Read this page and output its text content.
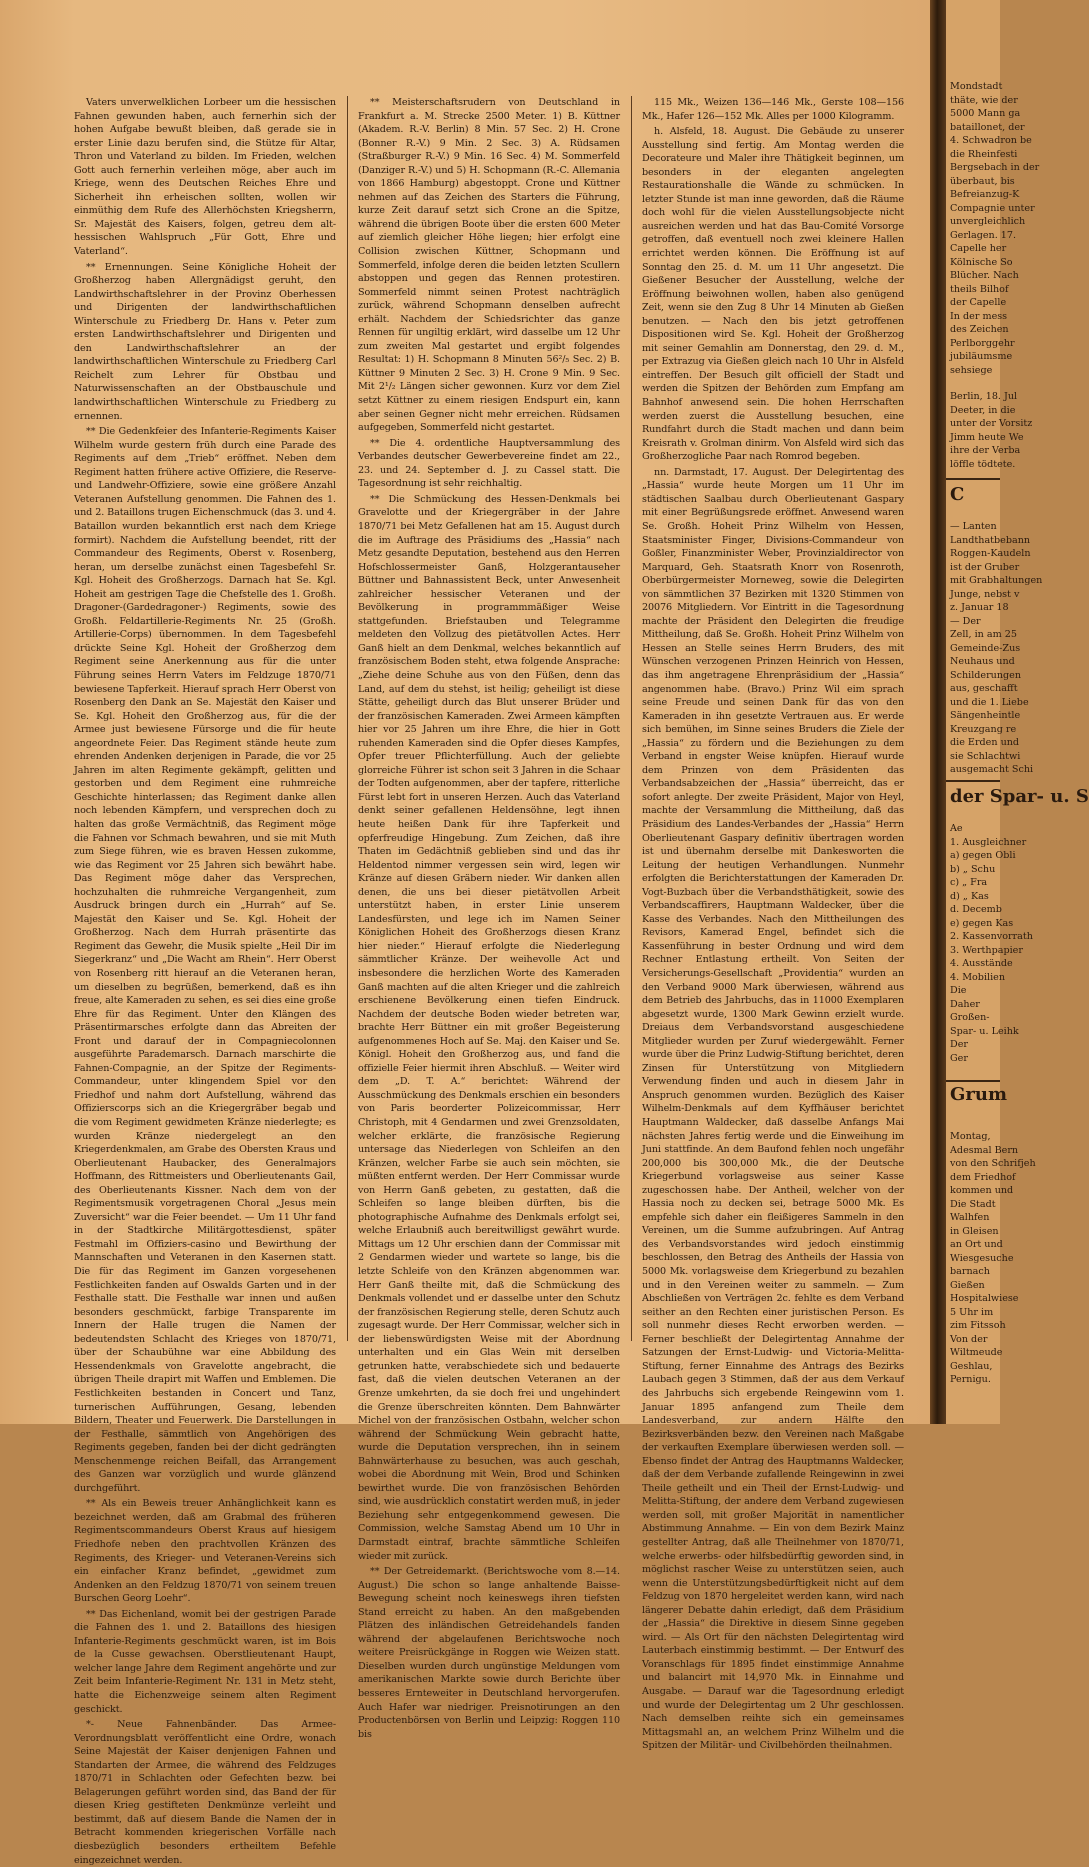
Vaters unverwelklichen Lorbeer um die hessischen Fahnen gewunden haben, auch fernerhin sich der hohen Aufgabe bewußt bleiben, daß gerade sie in erster Linie dazu berufen sind, die Stütze für Altar, Thron und Vaterland zu bilden. Im Frieden, welchen Gott auch fernerhin verleihen möge, aber auch im Kriege, wenn des Deutschen Reiches Ehre und Sicherheit ihn erheischen sollten, wollen wir einmüthig dem Rufe des Allerhöchsten Kriegsherrn, Sr. Majestät des Kaisers, folgen, getreu dem alt-hessischen Wahlspruch „Für Gott, Ehre und Vaterland“.

** Ernennungen. Seine Königliche Hoheit der Großherzog haben Allergnädigst geruht, den Landwirthschaftslehrer in der Provinz Oberhessen und Dirigenten der landwirthschaftlichen Winterschule zu Friedberg Dr. Hans v. Peter zum ersten Landwirthschaftslehrer und Dirigenten und den Landwirthschaftslehrer an der landwirthschaftlichen Winterschule zu Friedberg Carl Reichelt zum Lehrer für Obstbau und Naturwissenschaften an der Obstbauschule und landwirthschaftlichen Winterschule zu Friedberg zu ernennen.

** Die Gedenkfeier des Infanterie-Regiments Kaiser Wilhelm wurde gestern früh durch eine Parade des Regiments auf dem „Trieb“ eröffnet. Neben dem Regiment hatten frühere active Offiziere, die Reserve- und Landwehr-Offiziere, sowie eine größere Anzahl Veteranen Aufstellung genommen. Die Fahnen des 1. und 2. Bataillons trugen Eichenschmuck (das 3. und 4. Bataillon wurden bekanntlich erst nach dem Kriege formirt). Nachdem die Aufstellung beendet, ritt der Commandeur des Regiments, Oberst v. Rosenberg, heran, um derselbe zunächst einen Tagesbefehl Sr. Kgl. Hoheit des Großherzogs. Darnach hat Se. Kgl. Hoheit am gestrigen Tage die Chefstelle des 1. Großh. Dragoner-(Gardedragoner-) Regiments, sowie des Großh. Feldartillerie-Regiments Nr. 25 (Großh. Artillerie-Corps) übernommen. In dem Tagesbefehl drückte Seine Kgl. Hoheit der Großherzog dem Regiment seine Anerkennung aus für die unter Führung seines Herrn Vaters im Feldzuge 1870/71 bewiesene Tapferkeit. Hierauf sprach Herr Oberst von Rosenberg den Dank an Se. Majestät den Kaiser und Se. Kgl. Hoheit den Großherzog aus, für die der Armee just bewiesene Fürsorge und die für heute angeordnete Feier. Das Regiment stände heute zum ehrenden Andenken derjenigen in Parade, die vor 25 Jahren im alten Regimente gekämpft, gelitten und gestorben und dem Regiment eine ruhmreiche Geschichte hinterlassen; das Regiment danke allen noch lebenden Kämpfern, und versprechen doch zu halten das große Vermächtniß, das Regiment möge die Fahnen vor Schmach bewahren, und sie mit Muth zum Siege führen, wie es braven Hessen zukomme, wie das Regiment vor 25 Jahren sich bewährt habe. Das Regiment möge daher das Versprechen, hochzuhalten die ruhmreiche Vergangenheit, zum Ausdruck bringen durch ein „Hurrah“ auf Se. Majestät den Kaiser und Se. Kgl. Hoheit der Großherzog. Nach dem Hurrah präsentirte das Regiment das Gewehr, die Musik spielte „Heil Dir im Siegerkranz“ und „Die Wacht am Rhein“. Herr Oberst von Rosenberg ritt hierauf an die Veteranen heran, um dieselben zu begrüßen, bemerkend, daß es ihn freue, alte Kameraden zu sehen, es sei dies eine große Ehre für das Regiment. Unter den Klängen des Präsentirmarsches erfolgte dann das Abreiten der Front und darauf der in Compagniecolonnen ausgeführte Parademarsch. Darnach marschirte die Fahnen-Compagnie, an der Spitze der Regiments-Commandeur, unter klingendem Spiel vor den Friedhof und nahm dort Aufstellung, während das Offizierscorps sich an die Kriegergräber begab und die vom Regiment gewidmeten Kränze niederlegte; es wurden Kränze niedergelegt an den Kriegerdenkmalen, am Grabe des Obersten Kraus und Oberlieutenant Haubacker, des Generalmajors Hoffmann, des Rittmeisters und Oberlieutenants Gail, des Oberlieutenants Kissner. Nach dem von der Regimentsmusik vorgetragenen Choral „Jesus mein Zuversicht“ war die Feier beendet. — Um 11 Uhr fand in der Stadtkirche Militärgottesdienst, später Festmahl im Offiziers-casino und Bewirthung der Mannschaften und Veteranen in den Kasernen statt. Die für das Regiment im Ganzen vorgesehenen Festlichkeiten fanden auf Oswalds Garten und in der Festhalle statt. Die Festhalle war innen und außen besonders geschmückt, farbige Transparente im Innern der Halle trugen die Namen der bedeutendsten Schlacht des Krieges von 1870/71, über der Schaubühne war eine Abbildung des Hessendenkmals von Gravelotte angebracht, die übrigen Theile drapirt mit Waffen und Emblemen. Die Festlichkeiten bestanden in Concert und Tanz, turnerischen Aufführungen, Gesang, lebenden Bildern, Theater und Feuerwerk. Die Darstellungen in der Festhalle, sämmtlich von Angehörigen des Regiments gegeben, fanden bei der dicht gedrängten Menschenmenge reichen Beifall, das Arrangement des Ganzen war vorzüglich und wurde glänzend durchgeführt.

** Als ein Beweis treuer Anhänglichkeit kann es bezeichnet werden, daß am Grabmal des früheren Regimentscommandeurs Oberst Kraus auf hiesigem Friedhofe neben den prachtvollen Kränzen des Regiments, des Krieger- und Veteranen-Vereins sich ein einfacher Kranz befindet, „gewidmet zum Andenken an den Feldzug 1870/71 von seinem treuen Burschen Georg Loehr“.

** Das Eichenland, womit bei der gestrigen Parade die Fahnen des 1. und 2. Bataillons des hiesigen Infanterie-Regiments geschmückt waren, ist im Bois de la Cusse gewachsen. Oberstlieutenant Haupt, welcher lange Jahre dem Regiment angehörte und zur Zeit beim Infanterie-Regiment Nr. 131 in Metz steht, hatte die Eichenzweige seinem alten Regiment geschickt.

*- Neue Fahnenbänder. Das Armee-Verordnungsblatt veröffentlicht eine Ordre, wonach Seine Majestät der Kaiser denjenigen Fahnen und Standarten der Armee, die während des Feldzuges 1870/71 in Schlachten oder Gefechten bezw. bei Belagerungen geführt worden sind, das Band der für diesen Krieg gestifteten Denkmünze verleiht und bestimmt, daß auf diesem Bande die Namen der in Betracht kommenden kriegerischen Vorfälle nach diesbezüglich besonders ertheiltem Befehle eingezeichnet werden.

** Meisterschaftsrudern von Deutschland in Frankfurt a. M. Strecke 2500 Meter. 1) B. Küttner (Akadem. R.-V. Berlin) 8 Min. 57 Sec. 2) H. Crone (Bonner R.-V.) 9 Min. 2 Sec. 3) A. Rüdsamen (Straßburger R.-V.) 9 Min. 16 Sec. 4) M. Sommerfeld (Danziger R.-V.) und 5) H. Schopmann (R.-C. Allemania von 1866 Hamburg) abgestoppt. Crone und Küttner nehmen auf das Zeichen des Starters die Führung, kurze Zeit darauf setzt sich Crone an die Spitze, während die übrigen Boote über die ersten 600 Meter auf ziemlich gleicher Höhe liegen; hier erfolgt eine Collision zwischen Küttner, Schopmann und Sommerfeld, infolge deren die beiden letzten Scullern abstoppen und gegen das Rennen protestiren. Sommerfeld nimmt seinen Protest nachträglich zurück, während Schopmann denselben aufrecht erhält. Nachdem der Schiedsrichter das ganze Rennen für ungiltig erklärt, wird dasselbe um 12 Uhr zum zweiten Mal gestartet und ergibt folgendes Resultat: 1) H. Schopmann 8 Minuten 56²/₅ Sec. 2) B. Küttner 9 Minuten 2 Sec. 3) H. Crone 9 Min. 9 Sec. Mit 2¹/₂ Längen sicher gewonnen. Kurz vor dem Ziel setzt Küttner zu einem riesigen Endspurt ein, kann aber seinen Gegner nicht mehr erreichen. Rüdsamen aufgegeben, Sommerfeld nicht gestartet.

** Die 4. ordentliche Hauptversammlung des Verbandes deutscher Gewerbevereine findet am 22., 23. und 24. September d. J. zu Cassel statt. Die Tagesordnung ist sehr reichhaltig.

** Die Schmückung des Hessen-Denkmals bei Gravelotte und der Kriegergräber in der Jahre 1870/71 bei Metz Gefallenen hat am 15. August durch die im Auftrage des Präsidiums des „Hassia“ nach Metz gesandte Deputation, bestehend aus den Herren Hofschlossermeister Ganß, Holzgerantauseher Büttner und Bahnassistent Beck, unter Anwesenheit zahlreicher hessischer Veteranen und der Bevölkerung in programmmäßiger Weise stattgefunden. Briefstauben und Telegramme meldeten den Vollzug des pietätvollen Actes. Herr Ganß hielt an dem Denkmal, welches bekanntlich auf französischem Boden steht, etwa folgende Ansprache: „Ziehe deine Schuhe aus von den Füßen, denn das Land, auf dem du stehst, ist heilig; geheiligt ist diese Stätte, geheiligt durch das Blut unserer Brüder und der französischen Kameraden. Zwei Armeen kämpften hier vor 25 Jahren um ihre Ehre, die hier in Gott ruhenden Kameraden sind die Opfer dieses Kampfes, Opfer treuer Pflichterfüllung. Auch der geliebte glorreiche Führer ist schon seit 3 Jahren in die Schaar der Todten aufgenommen, aber der tapfere, ritterliche Fürst lebt fort in unseren Herzen. Auch das Vaterland denkt seiner gefallenen Heldensöhne, legt ihnen heute heißen Dank für ihre Tapferkeit und opferfreudige Hingebung. Zum Zeichen, daß ihre Thaten im Gedächtniß geblieben sind und das ihr Heldentod nimmer vergessen sein wird, legen wir Kränze auf diesen Gräbern nieder. Wir danken allen denen, die uns bei dieser pietätvollen Arbeit unterstützt haben, in erster Linie unserem Landesfürsten, und lege ich im Namen Seiner Königlichen Hoheit des Großherzogs diesen Kranz hier nieder.“ Hierauf erfolgte die Niederlegung sämmtlicher Kränze. Der weihevolle Act und insbesondere die herzlichen Worte des Kameraden Ganß machten auf die alten Krieger und die zahlreich erschienene Bevölkerung einen tiefen Eindruck. Nachdem der deutsche Boden wieder betreten war, brachte Herr Büttner ein mit großer Begeisterung aufgenommenes Hoch auf Se. Maj. den Kaiser und Se. Königl. Hoheit den Großherzog aus, und fand die offizielle Feier hiermit ihren Abschluß. — Weiter wird dem „D. T. A.“ berichtet: Während der Ausschmückung des Denkmals erschien ein besonders von Paris beorderter Polizeicommissar, Herr Christoph, mit 4 Gendarmen und zwei Grenzsoldaten, welcher erklärte, die französische Regierung untersage das Niederlegen von Schleifen an den Kränzen, welcher Farbe sie auch sein möchten, sie müßten entfernt werden. Der Herr Commissar wurde von Herrn Ganß gebeten, zu gestatten, daß die Schleifen so lange bleiben dürften, bis die photographische Aufnahme des Denkmals erfolgt sei, welche Erlaubniß auch bereitwilligst gewährt wurde. Mittags um 12 Uhr erschien dann der Commissar mit 2 Gendarmen wieder und wartete so lange, bis die letzte Schleife von den Kränzen abgenommen war. Herr Ganß theilte mit, daß die Schmückung des Denkmals vollendet und er dasselbe unter den Schutz der französischen Regierung stelle, deren Schutz auch zugesagt wurde. Der Herr Commissar, welcher sich in der liebenswürdigsten Weise mit der Abordnung unterhalten und ein Glas Wein mit derselben getrunken hatte, verabschiedete sich und bedauerte fast, daß die vielen deutschen Veteranen an der Grenze umkehrten, da sie doch frei und ungehindert die Grenze überschreiten könnten. Dem Bahnwärter Michel von der französischen Ostbahn, welcher schon während der Schmückung Wein gebracht hatte, wurde die Deputation versprechen, ihn in seinem Bahnwärterhause zu besuchen, was auch geschah, wobei die Abordnung mit Wein, Brod und Schinken bewirthet wurde. Die von französischen Behörden sind, wie ausdrücklich constatirt werden muß, in jeder Beziehung sehr entgegenkommend gewesen. Die Commission, welche Samstag Abend um 10 Uhr in Darmstadt eintraf, brachte sämmtliche Schleifen wieder mit zurück.

** Der Getreidemarkt. (Berichtswoche vom 8.—14. August.) Die schon so lange anhaltende Baisse-Bewegung scheint noch keineswegs ihren tiefsten Stand erreicht zu haben. An den maßgebenden Plätzen des inländischen Getreidehandels fanden während der abgelaufenen Berichtswoche noch weitere Preisrückgänge in Roggen wie Weizen statt. Dieselben wurden durch ungünstige Meldungen vom amerikanischen Markte sowie durch Berichte über besseres Ernteweiter in Deutschland hervorgerufen. Auch Hafer war niedriger. Preisnotirungen an den Productenbörsen von Berlin und Leipzig: Roggen 110 bis

115 Mk., Weizen 136—146 Mk., Gerste 108—156 Mk., Hafer 126—152 Mk. Alles per 1000 Kilogramm.

h. Alsfeld, 18. August. Die Gebäude zu unserer Ausstellung sind fertig. Am Montag werden die Decorateure und Maler ihre Thätigkeit beginnen, um besonders in der eleganten angelegten Restaurationshalle die Wände zu schmücken. In letzter Stunde ist man inne geworden, daß die Räume doch wohl für die vielen Ausstellungsobjecte nicht ausreichen werden und hat das Bau-Comité Vorsorge getroffen, daß eventuell noch zwei kleinere Hallen errichtet werden können. Die Eröffnung ist auf Sonntag den 25. d. M. um 11 Uhr angesetzt. Die Gießener Besucher der Ausstellung, welche der Eröffnung beiwohnen wollen, haben also genügend Zeit, wenn sie den Zug 8 Uhr 14 Minuten ab Gießen benutzen. — Nach den bis jetzt getroffenen Dispositionen wird Se. Kgl. Hoheit der Großherzog mit seiner Gemahlin am Donnerstag, den 29. d. M., per Extrazug via Gießen gleich nach 10 Uhr in Alsfeld eintreffen. Der Besuch gilt officiell der Stadt und werden die Spitzen der Behörden zum Empfang am Bahnhof anwesend sein. Die hohen Herrschaften werden zuerst die Ausstellung besuchen, eine Rundfahrt durch die Stadt machen und dann beim Kreisrath v. Grolman dinirm. Von Alsfeld wird sich das Großherzogliche Paar nach Romrod begeben.

nn. Darmstadt, 17. August. Der Delegirtentag des „Hassia“ wurde heute Morgen um 11 Uhr im städtischen Saalbau durch Oberlieutenant Gaspary mit einer Begrüßungsrede eröffnet. Anwesend waren Se. Großh. Hoheit Prinz Wilhelm von Hessen, Staatsminister Finger, Divisions-Commandeur von Goßler, Finanzminister Weber, Provinzialdirector von Marquard, Geh. Staatsrath Knorr von Rosenroth, Oberbürgermeister Morneweg, sowie die Delegirten von sämmtlichen 37 Bezirken mit 1320 Stimmen von 20076 Mitgliedern. Vor Eintritt in die Tagesordnung machte der Präsident den Delegirten die freudige Mittheilung, daß Se. Großh. Hoheit Prinz Wilhelm von Hessen an Stelle seines Herrn Bruders, des mit Wünschen verzogenen Prinzen Heinrich von Hessen, das ihm angetragene Ehrenpräsidium der „Hassia“ angenommen habe. (Bravo.) Prinz Wil eim sprach seine Freude und seinen Dank für das von den Kameraden in ihn gesetzte Vertrauen aus. Er werde sich bemühen, im Sinne seines Bruders die Ziele der „Hassia“ zu fördern und die Beziehungen zu dem Verband in engster Weise knüpfen. Hierauf wurde dem Prinzen von dem Präsidenten das Verbandsabzeichen der „Hassia“ überreicht, das er sofort anlegte. Der zweite Präsident, Major von Heyl, machte der Versammlung die Mittheilung, daß das Präsidium des Landes-Verbandes der „Hassia“ Herrn Oberlieutenant Gaspary definitiv übertragen worden ist und übernahm derselbe mit Dankesworten die Leitung der heutigen Verhandlungen. Nunmehr erfolgten die Berichterstattungen der Kameraden Dr. Vogt-Buzbach über die Verbandsthätigkeit, sowie des Verbandscaffirers, Hauptmann Waldecker, über die Kasse des Verbandes. Nach den Mittheilungen des Revisors, Kamerad Engel, befindet sich die Kassenführung in bester Ordnung und wird dem Rechner Entlastung ertheilt. Von Seiten der Versicherungs-Gesellschaft „Providentia“ wurden an den Verband 9000 Mark überwiesen, während aus dem Betrieb des Jahrbuchs, das in 11000 Exemplaren abgesetzt wurde, 1300 Mark Gewinn erzielt wurde. Dreiaus dem Verbandsvorstand ausgeschiedene Mitglieder wurden per Zuruf wiedergewählt. Ferner wurde über die Prinz Ludwig-Stiftung berichtet, deren Zinsen für Unterstützung von Mitgliedern Verwendung finden und auch in diesem Jahr in Anspruch genommen wurden. Bezüglich des Kaiser Wilhelm-Denkmals auf dem Kyffhäuser berichtet Hauptmann Waldecker, daß dasselbe Anfangs Mai nächsten Jahres fertig werde und die Einweihung im Juni stattfinde. An dem Baufond fehlen noch ungefähr 200,000 bis 300,000 Mk., die der Deutsche Kriegerbund vorlagsweise aus seiner Kasse zugeschossen habe. Der Antheil, welcher von der Hassia noch zu decken sei, betrage 5000 Mk. Es empfehle sich daher ein fleißigeres Sammeln in den Vereinen, um die Summe aufzubringen. Auf Antrag des Verbandsvorstandes wird jedoch einstimmig beschlossen, den Betrag des Antheils der Hassia von 5000 Mk. vorlagsweise dem Kriegerbund zu bezahlen und in den Vereinen weiter zu sammeln. — Zum Abschließen von Verträgen 2c. fehlte es dem Verband seither an den Rechten einer juristischen Person. Es soll nunmehr dieses Recht erworben werden. — Ferner beschließt der Delegirtentag Annahme der Satzungen der Ernst-Ludwig- und Victoria-Melitta-Stiftung, ferner Einnahme des Antrags des Bezirks Laubach gegen 3 Stimmen, daß der aus dem Verkauf des Jahrbuchs sich ergebende Reingewinn vom 1. Januar 1895 anfangend zum Theile dem Landesverband, zur andern Hälfte den Bezirksverbänden bezw. den Vereinen nach Maßgabe der verkauften Exemplare überwiesen werden soll. — Ebenso findet der Antrag des Hauptmanns Waldecker, daß der dem Verbande zufallende Reingewinn in zwei Theile getheilt und ein Theil der Ernst-Ludwig- und Melitta-Stiftung, der andere dem Verband zugewiesen werden soll, mit großer Majorität in namentlicher Abstimmung Annahme. — Ein von dem Bezirk Mainz gestellter Antrag, daß alle Theilnehmer von 1870/71, welche erwerbs- oder hilfsbedürftig geworden sind, in möglichst rascher Weise zu unterstützen seien, auch wenn die Unterstützungsbedürftigkeit nicht auf dem Feldzug von 1870 hergeleitet werden kann, wird nach längerer Debatte dahin erledigt, daß dem Präsidium der „Hassia“ die Direktive in diesem Sinne gegeben wird. — Als Ort für den nächsten Delegirtentag wird Lauterbach einstimmig bestimmt. — Der Entwurf des Voranschlags für 1895 findet einstimmige Annahme und balancirt mit 14,970 Mk. in Einnahme und Ausgabe. — Darauf war die Tagesordnung erledigt und wurde der Delegirtentag um 2 Uhr geschlossen. Nach demselben reihte sich ein gemeinsames Mittagsmahl an, an welchem Prinz Wilhelm und die Spitzen der Militär- und Civilbehörden theilnahmen.

Mondstadt
thäte, wie der
5000 Mann ga
bataillonet, der
4. Schwadron be
die Rheinfesti
Bergsebach in der
überbaut, bis
Befreianzug-K
Compagnie unter
unvergleichlich
Gerlagen. 17.
Capelle her
Kölnische So
Blücher. Nach
theils Bilhof
der Capelle
In der mess
des Zeichen
Perlborggehr
jubiläumsme
sehsiege
Berlin, 18. Jul
Deeter, in die
unter der Vorsitz
Jimm heute We
ihre der Verba
löffle tödtete.
C
— Lanten
Landthatbebann
Roggen-Kaudeln
ist der Gruber
mit Grabhaltungen
Junge, nebst v
z. Januar 18
— Der
Zell, in am 25
Gemeinde-Zus
Neuhaus und
Schilderungen
aus, geschafft
und die 1. Liebe
Sängenheintle
Kreuzgang re
die Erden und
sie Schlachtwi
ausgemacht Schi
der Spar- u. S
Ae
1. Ausgleichner
a) gegen Obli
b) „ Schu
c) „ Fra
d) „ Kas
d. Decemb
e) gegen Kas
2. Kassenvorrath
3. Werthpapier
4. Ausstände
4. Mobilien
Die
Daher
Großen-
Spar- u. Leihk
Der
Ger
Grum
Montag,
Adesmal Bern
von den Schrifjeh
dem Friedhof
kommen und
Die Stadt
Walhfen
in Gleisen
an Ort und
Wiesgesuche
barnach
Gießen
Hospitalwiese
5 Uhr im
zim Fitssoh
Von der
Wiltmeude
Geshlau,
Pernigu.
